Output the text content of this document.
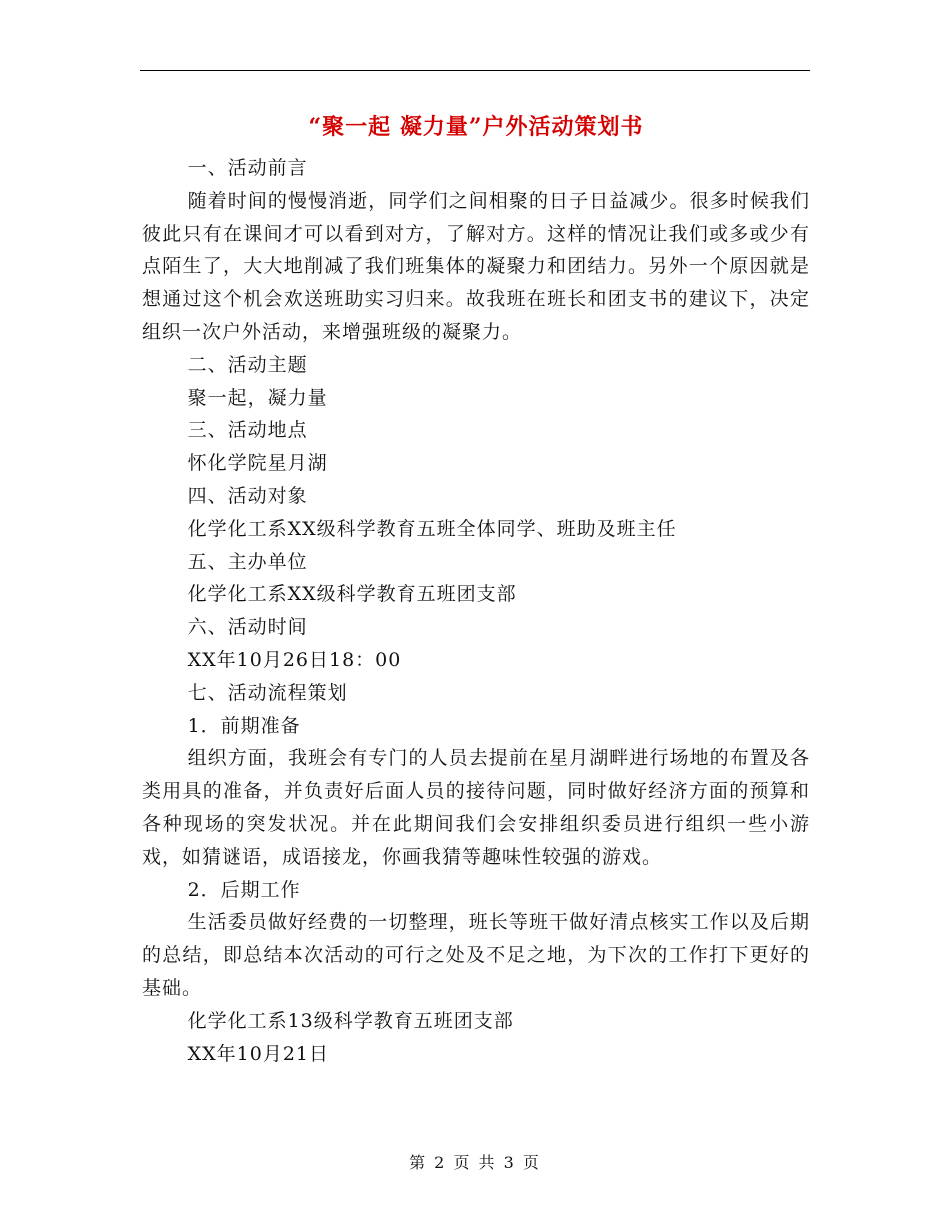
“聚一起 凝力量”户外活动策划书

一、活动前言

随着时间的慢慢消逝，同学们之间相聚的日子日益减少。很多时候我们彼此只有在课间才可以看到对方，了解对方。这样的情况让我们或多或少有点陌生了，大大地削减了我们班集体的凝聚力和团结力。另外一个原因就是想通过这个机会欢送班助实习归来。故我班在班长和团支书的建议下，决定组织一次户外活动，来增强班级的凝聚力。

二、活动主题

聚一起，凝力量

三、活动地点

怀化学院星月湖

四、活动对象

化学化工系XX级科学教育五班全体同学、班助及班主任

五、主办单位

化学化工系XX级科学教育五班团支部

六、活动时间

XX年10月26日18：00

七、活动流程策划

1．前期准备

组织方面，我班会有专门的人员去提前在星月湖畔进行场地的布置及各类用具的准备，并负责好后面人员的接待问题，同时做好经济方面的预算和各种现场的突发状况。并在此期间我们会安排组织委员进行组织一些小游戏，如猜谜语，成语接龙，你画我猜等趣味性较强的游戏。

2．后期工作

生活委员做好经费的一切整理，班长等班干做好清点核实工作以及后期的总结，即总结本次活动的可行之处及不足之地，为下次的工作打下更好的基础。

化学化工系13级科学教育五班团支部

XX年10月21日

第 2 页 共 3 页
